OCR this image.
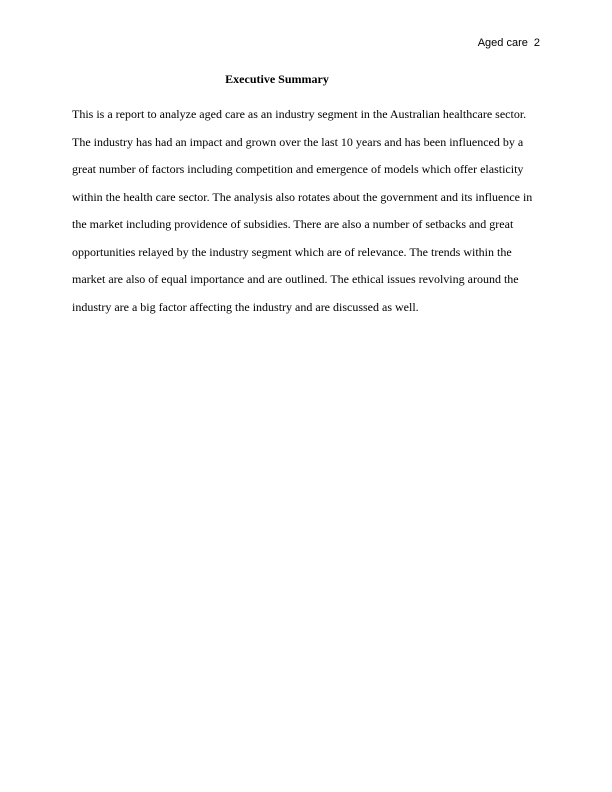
Aged care 2
Executive Summary
This is a report to analyze aged care as an industry segment in the Australian healthcare sector.
The industry has had an impact and grown over the last 10 years and has been influenced by a
great number of factors including competition and emergence of models which offer elasticity
within the health care sector. The analysis also rotates about the government and its influence in
the market including providence of subsidies. There are also a number of setbacks and great
opportunities relayed by the industry segment which are of relevance. The trends within the
market are also of equal importance and are outlined. The ethical issues revolving around the
industry are a big factor affecting the industry and are discussed as well.
